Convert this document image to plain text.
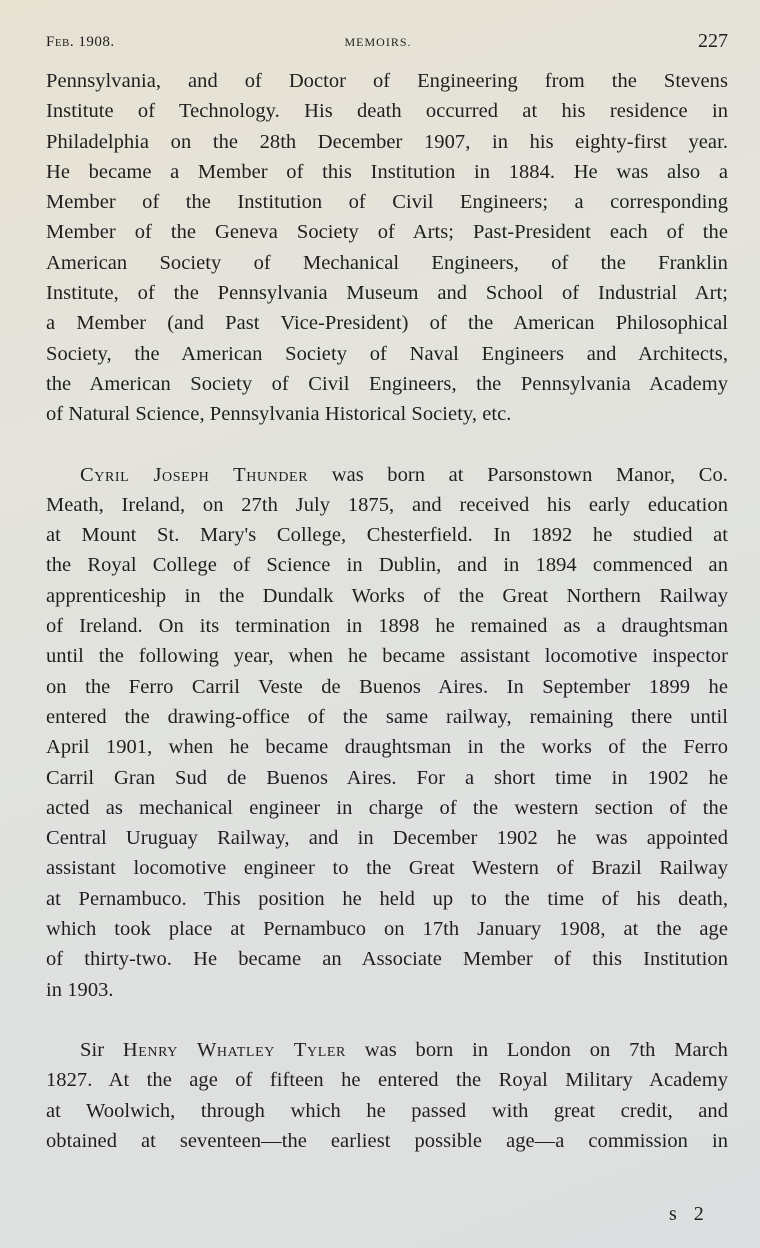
Feb. 1908.	MEMOIRS.	227
Pennsylvania, and of Doctor of Engineering from the Stevens
Institute of Technology. His death occurred at his residence in
Philadelphia on the 28th December 1907, in his eighty-first year.
He became a Member of this Institution in 1884. He was also a
Member of the Institution of Civil Engineers; a corresponding
Member of the Geneva Society of Arts; Past-President each of the
American Society of Mechanical Engineers, of the Franklin
Institute, of the Pennsylvania Museum and School of Industrial Art;
a Member (and Past Vice-President) of the American Philosophical
Society, the American Society of Naval Engineers and Architects,
the American Society of Civil Engineers, the Pennsylvania Academy
of Natural Science, Pennsylvania Historical Society, etc.
Cyril Joseph Thunder was born at Parsonstown Manor, Co.
Meath, Ireland, on 27th July 1875, and received his early education
at Mount St. Mary's College, Chesterfield. In 1892 he studied at
the Royal College of Science in Dublin, and in 1894 commenced an
apprenticeship in the Dundalk Works of the Great Northern Railway
of Ireland. On its termination in 1898 he remained as a draughtsman
until the following year, when he became assistant locomotive inspector
on the Ferro Carril Veste de Buenos Aires. In September 1899 he
entered the drawing-office of the same railway, remaining there until
April 1901, when he became draughtsman in the works of the Ferro
Carril Gran Sud de Buenos Aires. For a short time in 1902 he
acted as mechanical engineer in charge of the western section of the
Central Uruguay Railway, and in December 1902 he was appointed
assistant locomotive engineer to the Great Western of Brazil Railway
at Pernambuco. This position he held up to the time of his death,
which took place at Pernambuco on 17th January 1908, at the age
of thirty-two. He became an Associate Member of this Institution
in 1903.
Sir Henry Whatley Tyler was born in London on 7th March
1827. At the age of fifteen he entered the Royal Military Academy
at Woolwich, through which he passed with great credit, and
obtained at seventeen—the earliest possible age—a commission in
s 2
